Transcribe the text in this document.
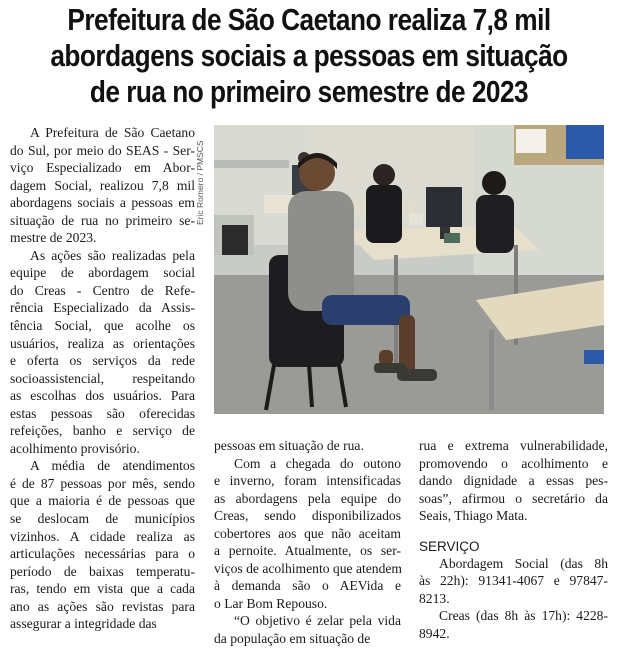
Prefeitura de São Caetano realiza 7,8 mil
abordagens sociais a pessoas em situação
de rua no primeiro semestre de 2023

A Prefeitura de São Caetano
do Sul, por meio do SEAS - Ser-
viço Especializado em Abor-
dagem Social, realizou 7,8 mil
abordagens sociais a pessoas em
situação de rua no primeiro se-
mestre de 2023.

As ações são realizadas pela
equipe de abordagem social
do Creas - Centro de Refe-
rência Especializado da Assis-
tência Social, que acolhe os
usuários, realiza as orientações
e oferta os serviços da rede
socioassistencial, respeitando
as escolhas dos usuários. Para
estas pessoas são oferecidas
refeições, banho e serviço de
acolhimento provisório.

A média de atendimentos
é de 87 pessoas por mês, sendo
que a maioria é de pessoas que
se deslocam de municípios
vizinhos. A cidade realiza as
articulações necessárias para o
período de baixas temperatu-
ras, tendo em vista que a cada
ano as ações são revistas para
assegurar a integridade das

Eric Romero / PMSCS

pessoas em situação de rua.

Com a chegada do outono
e inverno, foram intensificadas
as abordagens pela equipe do
Creas, sendo disponibilizados
cobertores aos que não aceitam
a pernoite. Atualmente, os ser-
viços de acolhimento que atendem
à demanda são o AEVida e
o Lar Bom Repouso.

“O objetivo é zelar pela vida
da população em situação de

rua e extrema vulnerabilidade,
promovendo o acolhimento e
dando dignidade a essas pes-
soas”, afirmou o secretário da
Seais, Thiago Mata.

SERVIÇO

Abordagem Social (das 8h
às 22h): 91341-4067 e 97847-
8213.

Creas (das 8h às 17h): 4228-
8942.
